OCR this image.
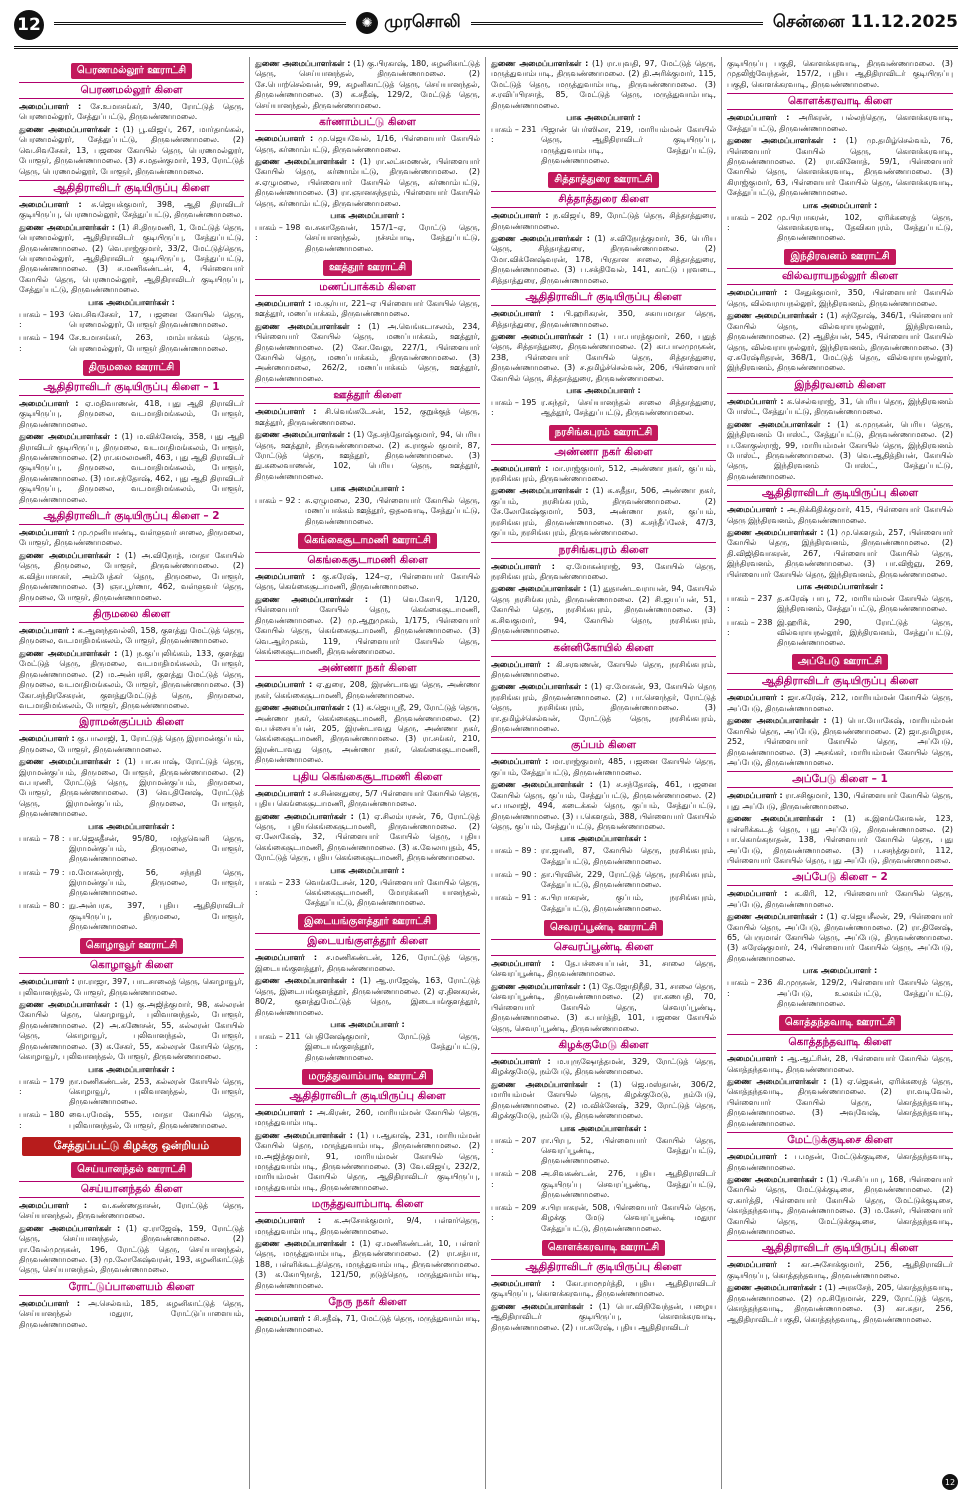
12	✺ முரசொலி	சென்னை 11.12.2025
பெரணமல்லூர் ஊராட்சி
பெரணமல்லூர் கிளை

அமைப்பாளர் : சே.உமாசங்கர், 3/40, ரோட்டுத் தெரு, பெரணமல்லூர், சேத்துப்பட்டு, திருவண்ணாமலை.

துணை அமைப்பாளர்கள் : (1) பூ.விஜய், 267, மார்தாங்கல், பெரணமல்லூர், சேத்துப்பட்டு, திருவண்ணாமலை. (2) வெ.சிவசேகர், 13, பஜனை கோயில் தெரு, பெரணமல்லூர், போளூர், திருவண்ணாமலை. (3) ச.மதன்குமார், 193, ரோட்டுத் தெரு, பெரணமல்லூர், போளூர், திருவண்ணாமலை.

ஆதிதிராவிடர் குடியிருப்பு கிளை

அமைப்பாளர் : சு.ஜெயக்குமார், 398, ஆதி திராவிடர் குடியிருப்பு, பெரணமல்லூர், சேத்துப்பட்டு, திருவண்ணாமலை.

துணை அமைப்பாளர்கள் : (1) சி.திருமணி, 1, மேட்டுத் தெரு, பெரணமல்லூர், ஆதிதிராவிடர் குடியிருப்பு, சேத்துப்பட்டு, திருவண்ணாமலை. (2) வெ.ராஜ்குமார், 33/2, மேட்டுத்தெரு, பெரணமல்லூர், ஆதிதிராவிடர் குடியிருப்பு, சேத்துப்பட்டு, திருவண்ணாமலை. (3) ச.மணிகண்டன், 4, பிள்ளையார் கோயில் தெரு, பெரணமல்லூர், ஆதிதிராவிடர் குடியிருப்பு, சேத்துப்பட்டு, திருவண்ணாமலை.

பாக அமைப்பாளர்கள் :
பாகம் – 193 :
வெ.சிவசேகர், 17, பஜனை கோயில் தெரு, பெரணமல்லூர், போளூர் திருவண்ணாமலை.
பாகம் – 194 :
சே.உமாசங்கர், 263, மாம்பாக்கம் தெரு, பெரணமல்லூர், போளூர் திருவண்ணாமலை.
திருமலை ஊராட்சி
ஆதிதிராவிடர் குடியிருப்பு கிளை – 1

அமைப்பாளர் : ஏ.மதிவாணன், 418, புது ஆதி திராவிடர் குடியிருப்பு, திருமலை, வடமாதிமங்கலம், போளூர், திருவண்ணாமலை.

துணை அமைப்பாளர்கள் : (1) ம.விக்னேஷ், 358, புது ஆதி திராவிடர் குடியிருப்பு, திருமலை, வடமாதிமங்கலம், போளூர், திருவண்ணாமலை. (2) ரா.கமலமணி, 463, புது ஆதி திராவிடர் குடியிருப்பு, திருமலை, வடமாதிமங்கலம், போளூர், திருவண்ணாமலை. (3) மா.சந்தோஷ், 462, புது ஆதி திராவிடர் குடியிருப்பு, திருமலை, வடமாதிமங்கலம், போளூர், திருவண்ணாமலை.

ஆதிதிராவிடர் குடியிருப்பு கிளை – 2

அமைப்பாளர் : மு.முனியாண்டி, வள்ளுவர் சாலை, திருமலை, போளூர், திருவண்ணாமலை.

துணை அமைப்பாளர்கள் : (1) அ.விநோத், மாதா கோயில் தெரு, திருமலை, போளூர், திருவண்ணாமலை. (2) க.வித்யாசாகர், அம்பேத்கர் தெரு, திருமலை, போளூர், திருவண்ணாமலை. (3) ஞா.பூர்ணா, 462, வள்ளுவர் தெரு, திருமலை, போளூர், திருவண்ணாமலை.

திருமலை கிளை

அமைப்பாளர் : க.ஆனந்தவல்லி, 158, குளத்து மேட்டுத் தெரு, திருமலை, வடமாதிமங்கலம், போளூர், திருவண்ணாமலை.

துணை அமைப்பாளர்கள் : (1) ந.குப்புலிங்கம், 133, குளத்து மேட்டுத் தெரு, திருமலை, வடமாதிமங்கலம், போளூர், திருவண்ணாமலை. (2) ம.அன்பரசி, குளத்து மேட்டுத் தெரு, திருமலை, வடமாதிமங்கலம், போளூர், திருவண்ணாமலை. (3) கோ.சந்திரசேகரன், குளத்துமேட்டுத் தெரு, திருமலை, வடமாதிமங்கலம், போளூர், திருவண்ணாமலை.

இராமன்குப்பம் கிளை

அமைப்பாளர் : கு.பாலாஜி, 1, ரோட்டுத் தெரு இராமன்குப்பம், திருமலை, போளூர், திருவண்ணாமலை.

துணை அமைப்பாளர்கள் : (1) பா.சுபாஷ், ரோட்டுத் தெரு, இராமன்குப்பம், திருமலை, போளூர், திருவண்ணாமலை. (2) வ.பரணி, ரோட்டுத் தெரு, இராமன்குப்பம், திருமலை, போளூர், திருவண்ணாமலை. (3) வெ.தினேஷ், ரோட்டுத் தெரு, இராமன்குப்பம், திருமலை, போளூர், திருவண்ணாமலை.

பாக அமைப்பாளர்கள் :
பாகம் – 78 : பா.ஜெகதீசன், 95/80, மந்தவெளி தெரு, இராமன்குப்பம், திருமலை, போளூர், திருவண்ணாமலை.
பாகம் – 79 : ம.மோகன்ராஜ், 56, சந்நதி தெரு, இராமன்குப்பம், திருமலை, போளூர், திருவண்ணாமலை.
பாகம் – 80 : நு.அன்பரசு, 397, புதிய ஆதிதிராவிடர் குடியிருப்பு, திருமலை, போளூர், திருவண்ணாமலை.
கொழாவூர் ஊராட்சி
கொழாவூர் கிளை

அமைப்பாளர் : ரா.ராஜா, 397, பாடசாலைத் தெரு, கொழாவூர், புலிவானந்தல், போளூர், திருவண்ணாமலை.

துணை அமைப்பாளர்கள் : (1) கு.அஜித்குமார், 98, கல்லரன் கோயில் தெரு, கொழாவூர், புலிவானந்தல், போளூர், திருவண்ணாமலை. (2) அ.கணேசன், 55, கல்லரன் கோயில் தெரு, கொழாவூர், புலிவானந்தல், போளூர், திருவண்ணாமலை. (3) க.சேகர், 55, கல்லரன் கோயில் தெரு, கொழாவூர், புலிவானந்தல், போளூர், திருவண்ணாமலை.

பாக அமைப்பாளர்கள் :
பாகம் – 179 :
நா.மணிகண்டன், 253, கல்லரன் கோயில் தெரு, கொழாவூர், புலிவானந்தல், போளூர், திருவண்ணாமலை.
பாகம் – 180 :
வை.ரமேஷ், 555, மாதா கோயில் தெரு, புலிவானந்தல், போளூர், திருவண்ணாமலை.
சேத்துப்பட்டு கிழக்கு ஒன்றியம்
செய்யானந்தல் ஊராட்சி
செய்யானந்தல் கிளை

அமைப்பாளர் : வ.கண்ணதாசன், ரோட்டுத் தெரு, செய்யானந்தல், திருவண்ணாமலை.

துணை அமைப்பாளர்கள் : (1) ஏ.ராஜேஷ், 159, ரோட்டுத் தெரு, செய்யானந்தல், திருவண்ணாமலை. (2) ரா.வேல்முருகன், 196, ரோட்டுத் தெரு, செய்யானந்தல், திருவண்ணாமலை. (3) மு.லோகேஷ்வரன், 193, சுழனிகாட்டுத் தெரு, செய்யானந்தல், திருவண்ணாமலை.

ரோட்டுப்பாளையம் கிளை

அமைப்பாளர் : அ.செல்வம், 185, சுழனிகாட்டுத் தெரு, செய்யானந்தல் மதுரா, ரோட்டுப்பாளையம், திருவண்ணாமலை.

துணை அமைப்பாளர்கள் : (1) கு.பிரகாஷ், 180, சுழனிகாட்டுத் தெரு, செய்யானந்தல், திருவண்ணாமலை. (2) சே.பொற்செல்வன், 99, சுழனிகாட்டுத் தெரு, செய்யானந்தல், திருவண்ணாமலை. (3) க.சதீஷ், 129/2, மேட்டுத் தெரு, செய்யானந்தல், திருவண்ணாமலை.

கர்ணாம்பட்டு கிளை

அமைப்பாளர் : மு.ஜெயவேல், 1/16, பிள்ளையார் கோயில் தெரு, கர்ணாம்பட்டு, திருவண்ணாமலை.

துணை அமைப்பாளர்கள் : (1) ரா.லட்சுமணன், பிள்ளையார் கோயில் தெரு, கர்ணாம்பட்டு, திருவண்ணாமலை. (2) ச.ஏழுமலை, பிள்ளையார் கோயில் தெரு, கர்ணாம்பட்டு, திருவண்ணாமலை. (3) ரா.ஞானசுந்தரம், பிள்ளையார் கோயில் தெரு, கர்ணாம்பட்டு, திருவண்ணாமலை.

பாக அமைப்பாளர் :
பாகம் – 198 :
வ.சுகாதேவன், 157/1–ஏ, ரோட்டு தெரு, செய்யானந்தல், நச்சம்பாடி, சேத்துப்பட்டு, திருவண்ணாமலை.
ஊத்தூர் ஊராட்சி
மணப்பாக்கம் கிளை

அமைப்பாளர் : ம.சூர்யா, 221–ஏ பிள்ளையார் கோயில் தெரு, ஊத்தூர், மணப்பாக்கம், திருவண்ணாமலை.

துணை அமைப்பாளர்கள் : (1) அ.வெங்கடாசலம், 234, பிள்ளையார் கோயில் தெரு, மணப்பாக்கம், ஊத்தூர், திருவண்ணாமலை. (2) கோ.வேலு, 227/1, பிள்ளையார் கோயில் தெரு, மணப்பாக்கம், திருவண்ணாமலை. (3) அண்ணாமலை, 262/2, மணப்பாக்கம் தெரு, ஊத்தூர், திருவண்ணாமலை.

ஊத்தூர் கிளை

அமைப்பாளர் : சி.வெங்கடேசன், 152, குறுக்குத் தெரு, ஊத்தூர், திருவண்ணாமலை.

துணை அமைப்பாளர்கள் : (1) தே.சந்தோஷ்குமார், 94, பெரிய தெரு, ஊத்தூர், திருவண்ணாமலை. (2) சு.ராகுல் குமார், 87, ரோட்டுத் தெரு, ஊத்தூர், திருவண்ணாமலை. (3) து.கலைவாணன், 102, பெரிய தெரு, ஊத்தூர், திருவண்ணாமலை.

பாக அமைப்பாளர் :
பாகம் – 92 : சு.ஏழுமலை, 230, பிள்ளையார் கோயில் தெரு, மணப்பாக்கம் ஊத்தூர், ஒதலவாடி, சேத்துப்பட்டு, திருவண்ணாமலை.
கெங்கைசூடாமணி ஊராட்சி
கெங்கைசூடாமணி கிளை

அமைப்பாளர் : கு.சுரேஷ், 124–ஏ, பிள்ளையார் கோயில் தெரு, கெங்கைசூடாமணி, திருவண்ணாமலை.

துணை அமைப்பாளர்கள் : (1) வெ.கோபி, 1/120, பிள்ளையார் கோயில் தெரு, கெங்கைசூடாமணி, திருவண்ணாமலை. (2) மு.ஆறுமுகம், 1/175, பிள்ளையார் கோயில் தெரு, கெங்கைசூடாமணி, திருவண்ணாமலை. (3) வெ.ஆர்முகம், 119, பிள்ளையார் கோயில் தெரு, கெங்கைசூடாமணி, திருவண்ணாமலை.

அண்ணா நகர் கிளை

அமைப்பாளர் : ஏ.துரை, 208, இரண்டாவது தெரு, அண்ணா நகர், கெங்கைசூடாமணி, திருவண்ணாமலை.

துணை அமைப்பாளர்கள் : (1) க.ஜெயஸ்ரீ, 29, ரோட்டுத் தெரு, அண்ணா நகர், கெங்கைசூடாமணி, திருவண்ணாமலை. (2) வ.பச்சையப்பன், 205, இரண்டாவது தெரு, அண்ணா நகர், கெங்கைசூடாமணி, திருவண்ணாமலை. (3) ரா.சங்கர், 210, இரண்டாவது தெரு, அண்ணா நகர், கெங்கைசூடாமணி, திருவண்ணாமலை.

புதிய கெங்கைசூடாமணி கிளை

அமைப்பாளர் : ச.சின்னதுரை, 5/7 பிள்ளையார் கோயில் தெரு, புதிய கெங்கைசூடாமணி, திருவண்ணாமலை.

துணை அமைப்பாளர்கள் : (1) ஏ.சிலம்பரசன், 76, ரோட்டுத் தெரு, புதியகெங்கைசூடாமணி, திருவண்ணாமலை. (2) ஏ.லோகேஷ், 32, பிள்ளையார் கோயில் தெரு, புதிய கெங்கைசூடாமணி, திருவண்ணாமலை. (3) க.வேலாயுதம், 45, ரோட்டுத் தெரு, புதிய கெங்கைசூடாமணி, திருவண்ணாமலை.

பாக அமைப்பாளர் :
பாகம் – 233 :
வெங்கடேசன், 120, பிள்ளையார் கோயில் தெரு, கெங்கைசூடாமணி, மோரக்கனி யானந்தல், சேத்துப்பட்டு, திருவண்ணாமலை.
இடையங்குளத்தூர் ஊராட்சி
இடையங்குளத்தூர் கிளை

அமைப்பாளர் : ச.மணிகண்டன், 126, ரோட்டுத் தெரு, இடையங்குளத்தூர், திருவண்ணாமலை.

துணை அமைப்பாளர்கள் : (1) ஆ.ராஜேஷ், 163, ரோட்டுத் தெரு, இடையங்குளத்தூர், திருவண்ணாமலை. (2) ஏ.தினகரன், 80/2, குளத்துமேட்டுத் தெரு, இடையங்குளத்தூர், திருவண்ணாமலை.

பாக அமைப்பாளர் :
பாகம் – 211 :
பெதினேஷ்குமார், ரோட்டுத் தெரு, இடையங்குளத்தூர், சேத்துப்பட்டு, திருவண்ணாமலை.
மருத்துவாம்பாடி ஊராட்சி
ஆதிதிராவிடர் குடியிருப்பு கிளை

அமைப்பாளர் : அ.கிரண், 260, மாரியம்மன் கோயில் தெரு, மருத்துவாம்பாடி.

துணை அமைப்பாளர்கள் : (1) ப.ஆகாஷ், 231, மாரியம்மன் கோயில் தெரு, மருத்துவாம்பாடி, திருவண்ணாமலை. (2) ம.அஜித்குமார், 91, மாரியம்மன் கோயில் தெரு, மருத்துவாம்பாடி, திருவண்ணாமலை. (3) வே.விஜய், 232/2, மாரியம்மன் கோயில் தெரு, ஆதிதிராவிடர் குடியிருப்பு, மருத்துவாம்பாடி, திருவண்ணாமலை.

மருத்துவாம்பாடி கிளை

அமைப்பாளர் : க.அசோக்குமார், 9/4, பள்ளர்தெரு, மருத்துவாம்பாடி, திருவண்ணாமலை.

துணை அமைப்பாளர்கள் : (1) ஏ.மணிகண்டன், 10, பள்ளர் தெரு, மருத்துவாம்பாடி, திருவண்ணாமலை. (2) ரா.சத்யா, 188, பள்ளிக்கூடத்தெரு, மருத்துவாம்பாடி, திருவண்ணாமலை. (3) க.கோபிநாத், 121/50, நடுத்தெரு, மருத்துவாம்பாடி, திருவண்ணாமலை.

நேரு நகர் கிளை

அமைப்பாளர் : சி.சதீஷ், 71, மேட்டுத் தெரு, மருத்துவாம்பாடி, திருவண்ணாமலை.

துணை அமைப்பாளர்கள் : (1) ரா.யுவதி, 97, மேட்டுத் தெரு, மருத்துவாம்பாடி, திருவண்ணாமலை. (2) தி.அரிக்குமார், 115, மேட்டுத் தெரு, மருத்துவாம்பாடி, திருவண்ணாமலை. (3) ச.ரவிப்பிரசாத், 85, மேட்டுத் தெரு, மருத்துவாம்பாடி, திருவண்ணாமலை.

பாக அமைப்பாளர் :
பாகம் – 231 :
பிஜான் பெர்ஸிலா, 219, மாரியம்மன் கோயில் தெரு, ஆதிதிராவிடர் குடியிருப்பு, மருத்துவாம்பாடி, சேத்துப்பட்டு, திருவண்ணாமலை.
சித்தாத்துரை ஊராட்சி
சித்தாத்துரை கிளை

அமைப்பாளர் : ந.விஜய், 89, ரோட்டுத் தெரு, சித்தாத்துரை, திருவண்ணாமலை.

துணை அமைப்பாளர்கள் : (1) ச.விநோத்குமார், 36, பெரிய தெரு, சித்தாத்துரை, திருவண்ணாமலை. (2) மோ.விக்னேஷ்வரன், 178, பிரதான சாலை, சித்தாத்துரை, திருவண்ணாமலை. (3) ப.சக்திவேல், 141, காட்டு புரவடை, சித்தாத்துரை, திருவண்ணாமலை.

ஆதிதிராவிடர் குடியிருப்பு கிளை

அமைப்பாளர் : பி.ஹரிகரன், 350, சகாயமாதா தெரு, சித்தாத்துரை, திருவண்ணாமலை.

துணை அமைப்பாளர்கள் : (1) பா.பாரத்குமார், 260, புதுத் தெரு, சித்தாத்துரை, திருவண்ணாமலை. (2) கா.பாலமுருகன், 238, பிள்ளையார் கோயில் தெரு, சித்தாத்துரை, திருவண்ணாமலை. (3) ச.தமிழ்ச்செல்வன், 206, பிள்ளையார் கோயில் தெரு, சித்தாத்துரை, திருவண்ணாமலை.

பாக அமைப்பாளர் :
பாகம் – 195 :
ர.சுந்தர், செய்யானந்தல் சாலை சித்தாத்துரை, ஆத்தூர், சேத்துப்பட்டு, திருவண்ணாமலை.
நரசிங்கபுரம் ஊராட்சி
அண்ணா நகர் கிளை

அமைப்பாளர் : மா.ராஜ்குமார், 512, அண்ணா நகர், குப்பம், நரசிங்கபுரம், திருவண்ணாமலை.

துணை அமைப்பாளர்கள் : (1) க.சுதீதா, 506, அண்ணா நகர், குப்பம், நரசிங்கபுரம், திருவண்ணாமலை. (2) சே.லோகேஷ்குமார், 503, அண்ணா நகர், குப்பம், நரசிங்கபுரம், திருவண்ணாமலை. (3) க.சந்தீப்லேச், 47/3, குப்பம், நரசிங்கபுரம், திருவண்ணாமலை.

நரசிங்கபுரம் கிளை

அமைப்பாளர் : ஏ.மோகன்ராஜ், 93, கோயில் தெரு, நரசிங்கபுரம், திருவண்ணாமலை.

துணை அமைப்பாளர்கள் : (1) துதாண்டவராயன், 94, கோயில் தெரு நரசிங்கபுரம், திருவண்ணாமலை. (2) சி.ஜயப்பன், 51, கோயில் தெரு, நரசிங்கபுரம், திருவண்ணாமலை. (3) க.சிவகுமார், 94, கோயில் தெரு, நரசிங்கபுரம், திருவண்ணாமலை.

கன்னிகோயில் கிளை

அமைப்பாளர் : கி.சரவணன், கோயில் தெரு, நரசிங்கபுரம், திருவண்ணாமலை.

துணை அமைப்பாளர்கள் : (1) ஏ.மோகன், 93, கோயில் தெரு நரசிங்கபுரம், திருவண்ணாமலை. (2) பா.சௌந்தர், ரோட்டுத் தெரு, நரசிங்கபுரம், திருவண்ணாமலை. (3) ரா.தமிழ்ச்செல்வன், ரோட்டுத் தெரு, நரசிங்கபுரம், திருவண்ணாமலை.

குப்பம் கிளை

அமைப்பாளர் : மா.ராஜ்குமார், 485, பஜனை கோயில் தெரு, குப்பம், சேத்துப்பட்டு, திருவண்ணாமலை.

துணை அமைப்பாளர்கள் : (1) ச.சந்தோஷ், 461, பஜனை கோயில் தெரு, குப்பம், சேத்துப்பட்டு, திருவண்ணாமலை. (2) எ.பாலாஜி, 494, கடைக்கல் தெரு, குப்பம், சேத்துப்பட்டு, திருவண்ணாமலை. (3) ப.கெளதம், 388, பிள்ளையார் கோயில் தெரு, குப்பம், சேத்துப்பட்டு, திருவண்ணாமலை.

பாக அமைப்பாளர்கள் :
பாகம் – 89 : ரா.ஜானி, 87, கோயில் தெரு, நரசிங்கபுரம், சேத்துப்பட்டு, திருவண்ணாமலை.
பாகம் – 90 : தா.பிரவின், 229, ரோட்டுத் தெரு, நரசிங்கபுரம், சேத்துப்பட்டு, திருவண்ணாமலை.
பாகம் – 91 : சு.பிரபாகரன், குப்பம், நரசிங்கபுரம், சேத்துப்பட்டு, திருவண்ணாமலை.
செவரப்பூண்டி ஊராட்சி
செவரப்பூண்டி கிளை

அமைப்பாளர் : தே.பச்சையப்பன், 31, சாலை தெரு, செவரப்பூண்டி, திருவண்ணாமலை.

துணை அமைப்பாளர்கள் : (1) தே.ஜோதிநீதி, 31, சாலை தெரு, செவரப்பூண்டி, திருவண்ணாமலை. (2) ரா.கணபதி, 70, பிள்ளையார் கோயில் தெரு, செவரப்பூண்டி, திருவண்ணாமலை. (3) சு.பார்த்தி, 101, பஜனை கோயில் தெரு, செவரப்பூண்டி, திருவண்ணாமலை.

கிழக்குமேடு கிளை

அமைப்பாளர் : ம.யுருஷோத்தமன், 329, ரோட்டுத் தெரு, கிழக்குமேடு, நம்பேடு, திருவண்ணாமலை.

துணை அமைப்பாளர்கள் : (1) ஜெ.மஸ்தான், 306/2, மாரியம்மன் கோயில் தெரு, கிழக்குமேடு, நம்பேடு, திருவண்ணாமலை. (2) ம.விக்னேஷ், 329, ரோட்டுத் தெரு, கிழக்குமேடு, நம்பேடு, திருவண்ணாமலை.

பாக அமைப்பாளர்கள் :
பாகம் – 207 :
ரா.பிரபு, 52, பிள்ளையார் கோயில் தெரு, செவரப்பூண்டி, சேத்துப்பட்டு, திருவண்ணாமலை.
பாகம் – 208 :
அ.சிவகண்டன், 276, புதிய ஆதிதிராவிடர் குடியிருப்பு செவரப்பூண்டி, சேத்துப்பட்டு, திருவண்ணாமலை.
பாகம் – 209 :
ச.பிரபாகரன், 508, பிள்ளையார் கோயில் தெரு, கிழக்கு மேடு செவரப்பூண்டி மதுரா சேத்துப்பட்டு, திருவண்ணாமலை.
கொளக்கரவாடி ஊராட்சி
ஆதிதிராவிடர் குடியிருப்பு கிளை

அமைப்பாளர் : கோ.ராமமூர்த்தி, புதிய ஆதிதிராவிடர் குடியிருப்பு, கொளக்கரவாடி, திருவண்ணாமலை.

துணை அமைப்பாளர்கள் : (1) பொ.விநிவேந்தன், பழைய ஆதிதிராவிடர் குடியிருப்பு, கொளக்கரவாடி, திருவண்ணாமலை. (2) பா.சுரேஷ், புதிய ஆதிதிராவிடர்

குடியிருப்பு பகுதி, கொளக்கரவாடி, திருவண்ணாமலை. (3) முதலிஜ்வேந்தன், 157/2, புதிய ஆதிதிராவிடர் குடியிருப்பு பகுதி, கொளக்கரவாடி, திருவண்ணாமலை.

கொளக்கரவாடி கிளை

அமைப்பாளர் : அரிகரன், பல்லந்தெரு, கொளக்கரவாடி, சேத்துப்பட்டு, திருவண்ணாமலை.

துணை அமைப்பாளர்கள் : (1) மு.தமிழ்செல்வம், 76, பிள்ளையார் கோயில் தெரு, கொளக்கரவாடி, திருவண்ணாமலை. (2) ரா.வினோத், 59/1, பிள்ளையார் கோயில் தெரு, கொளக்கரவாடி, திருவண்ணாமலை. (3) கிராஜ்குமார், 63, பிள்ளையார் கோயில் தெரு, கொளக்கரவாடி, சேத்துப்பட்டு, திருவண்ணாமலை.

பாக அமைப்பாளர் :
பாகம் – 202 :
மு.பிரபாகரன், 102, ஏரிக்கரைத் தெரு, கொளக்கரவாடி, தேவிகாபுரம், சேத்துப்பட்டு, திருவண்ணாமலை.
இந்திரவனம் ஊராட்சி
வில்வராயநல்லூர் கிளை

அமைப்பாளர் : சேதுக்குமார், 350, பிள்ளையார் கோயில் தெரு, வில்வராயநல்லூர், இந்திரவனம், திருவண்ணாமலை.

துணை அமைப்பாளர்கள் : (1) சுந்தோஷ், 346/1, பிள்ளையார் கோயில் தெரு, வில்வராயநல்லூர், இந்திரவனம், திருவண்ணாமலை. (2) ஆதித்யன், 545, பிள்ளையார் கோயில் தெரு, வில்வராயநல்லூர், இந்திரவனம், திருவண்ணாமலை. (3) ஏ.சுரேஷ்ரிதரன், 368/1, மேட்டுத் தெரு, வில்வராயநல்லூர், இந்திரவனம், திருவண்ணாமலை.

இந்திரவனம் கிளை

அமைப்பாளர் : க.செல்வராஜ், 31, பெரிய தெரு, இந்திரவனம் போஸ்ட், சேத்துப்பட்டு, திருவண்ணாமலை.

துணை அமைப்பாளர்கள் : (1) க.முருகன், பெரிய தெரு, இந்திரவனம் போஸ்ட், சேத்துப்பட்டு, திருவண்ணாமலை. (2) ப.கோகுல்ராஜ், 99, மாரியம்மன் கோயில் தெரு, இந்திரவனம் போஸ்ட், திருவண்ணாமலை. (3) வெ.ஆதித்தியன், கோயில் தெரு, இந்திரவனம் போஸ்ட், சேத்துப்பட்டு, திருவண்ணாமலை.

ஆதிதிராவிடர் குடியிருப்பு கிளை

அமைப்பாளர் : அ.நிக்கிதிக்குமார், 415, பிள்ளையார் கோயில் தெரு இந்திரவனம், திருவண்ணாமலை.

துணை அமைப்பாளர்கள் : (1) மு.கௌதம், 257, பிள்ளையார் கோயில் தெரு, இந்திரவனம், திருவண்ணாமலை. (2) தி.விஜிதிவாகரன், 267, பிள்ளையார் கோயில் தெரு, இந்திரவனம், திருவண்ணாமலை. (3) பா.விஜ்ஞு, 269, பிள்ளையார் கோயில் தெரு, இந்திரவனம், திருவண்ணாமலை.

பாக அமைப்பாளர்கள் :
பாகம் – 237 :
த.சுரேஷ் பாபு, 72, மாரியம்மன் கோயில் தெரு, இந்திரவனம், சேத்துப்பட்டு, திருவண்ணாமலை.
பாகம் – 238 :
இ.ஹரிக், 290, ரோட்டுத் தெரு, வில்வராயநல்லூர், இந்திரவனம், சேத்துப்பட்டு, திருவண்ணாமலை.
அப்பேடு ஊராட்சி
ஆதிதிராவிடர் குடியிருப்பு கிளை

அமைப்பாளர் : ஜா.சுரேஷ், 212, மாரியம்மன் கோயில் தெரு, அப்பேடு, திருவண்ணாமலை.

துணை அமைப்பாளர்கள் : (1) பொ.யோகேஷ், மாரியம்மன் கோயில் தெரு, அப்பேடு, திருவண்ணாமலை. (2) ஜா.தமிழரசு, 252, பிள்ளையார் கோயில் தெரு, அப்பேடு, திருவண்ணாமலை. (3) அசங்கர், மாரியம்மன் கோயில் தெரு, அப்பேடு, திருவண்ணாமலை.

அப்பேடு கிளை – 1

அமைப்பாளர் : ரா.சசிகுமார், 130, பிள்ளையார் கோயில் தெரு, புது அப்பேடு, திருவண்ணாமலை.

துணை அமைப்பாளர்கள் : (1) க.இளங்கோவன், 123, பள்ளிக்கூடத் தெரு, புது அப்பேடு, திருவண்ணாமலை. (2) பா.கொங்கநாதன், 138, பிள்ளையார் கோயில் தெரு, புது அப்பேடு, திருவண்ணாமலை. (3) ப.சசந்த்குமார், 112, பிள்ளையார் கோயில் தெரு, புது அப்பேடு, திருவண்ணாமலை.

அப்பேடு கிளை – 2

அமைப்பாளர் : க.கிரி, 12, பிள்ளையார் கோயில் தெரு, அப்பேடு, திருவண்ணாமலை.

துணை அமைப்பாளர்கள் : (1) ஏ.ஜெயசீலன், 29, பிள்ளையார் கோயில் தெரு, அப்பேடு, திருவண்ணாமலை. (2) ரா.தினேஷ், 65, பெருமாள் கோயில் தெரு, அப்பேடு, திருவண்ணாமலை. (3) சுரேஷ்குமார், 24, பிள்ளையார் கோயில் தெரு, அப்பேடு, திருவண்ணாமலை.

பாக அமைப்பாளர் :
பாகம் – 236 :
கி.முருகன், 129/2, பிள்ளையார் கோயில் தெரு, அப்பேடு, உலகம்பட்டு, சேத்துப்பட்டு, திருவண்ணாமலை.
கொத்தந்தவாடி ஊராட்சி
கொத்தந்தவாடி கிளை

அமைப்பாளர் : ஆ.ஆட்ரின், 28, பிள்ளையார் கோயில் தெரு, கொத்தந்தவாடி, திருவண்ணாமலை.

துணை அமைப்பாளர்கள் : (1) ஏ.ஜெகன், ஏரிக்கரைத் தெரு, கொத்தந்தவாடி, திருவண்ணாமலை. (2) ரா.வடிவேல், பிள்ளையார் கோயில் தெரு, கொத்தந்தவாடி, திருவண்ணாமலை. (3) அவுவேஷ், கொத்தந்தவாடி, திருவண்ணாமலை.

மேட்டுக்குடிசை கிளை

அமைப்பாளர் : ப.மதன், மேட்டுக்குடிசை, கொத்தந்தவாடி, திருவண்ணாமலை.

துணை அமைப்பாளர்கள் : (1) பி.சசிப்பாபு, 168, பிள்ளையார் கோயில் தெரு, மேட்டுக்குடிசை, திருவண்ணாமலை. (2) ஏ.கார்த்தி, பிள்ளையார் கோயில் தெரு, மேட்டுக்குடிசை, கொத்தந்தவாடி, திருவண்ணாமலை. (3) ம.கேசர், பிள்ளையார் கோயில் தெரு, மேட்டுக்குடிசை, கொத்தந்தவாடி, திருவண்ணாமலை.

ஆதிதிராவிடர் குடியிருப்பு கிளை

அமைப்பாளர் : கா.அசோக்குமார், 256, ஆதிதிராவிடர் குடியிருப்பு, கொத்தந்தவாடி, திருவண்ணாமலை.

துணை அமைப்பாளர்கள் : (1) அரசுசேந், 205, கொத்தந்தவாடி, திருவண்ணாமலை. (2) மு.சிநேமான், 229, ரோட்டுத் தெரு, கொத்தந்தவாடி, திருவண்ணாமலை. (3) கா.சுதா, 256, ஆதிதிராவிடர் பகுதி, கொத்தந்தவாடி, திருவண்ணாமலை.

12
